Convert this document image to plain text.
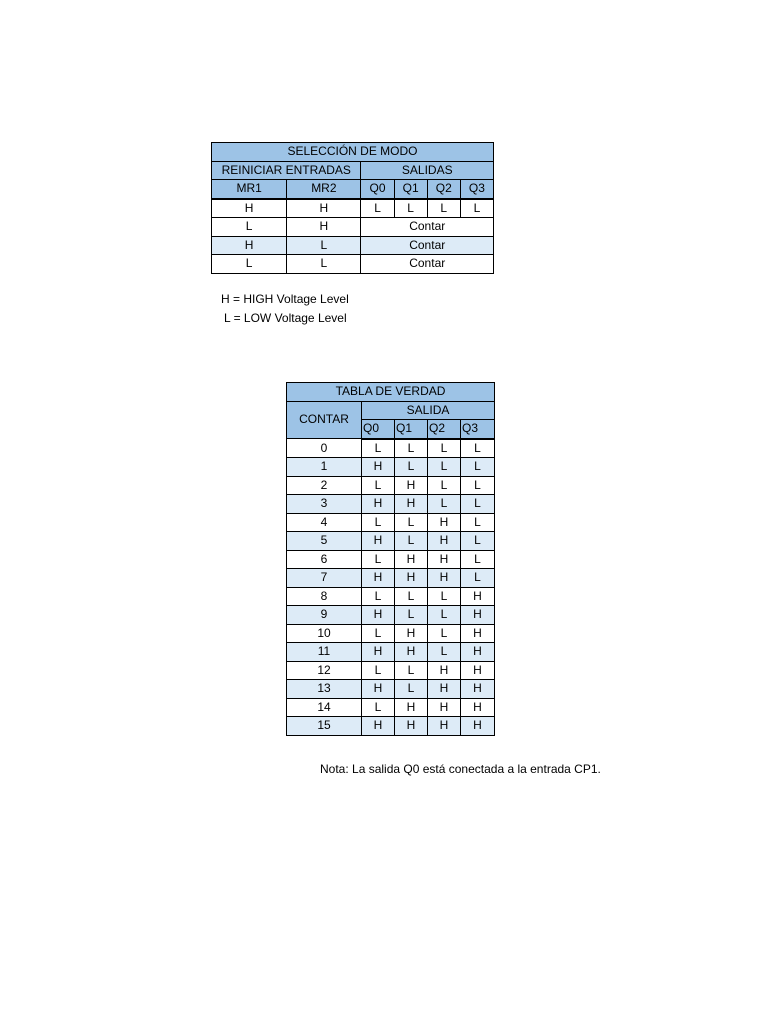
SELECCIÓN DE MODO					
REINICIAR ENTRADAS		SALIDAS			
MR1	MR2	Q0	Q1	Q2	Q3
H	H	L	L	L	L
L	H	Contar			
H	L	Contar			
L	L	Contar			
H = HIGH Voltage Level
L = LOW Voltage Level
TABLA DE VERDAD				
CONTAR	SALIDA			
	Q0	Q1	Q2	Q3
0	L	L	L	L
1	H	L	L	L
2	L	H	L	L
3	H	H	L	L
4	L	L	H	L
5	H	L	H	L
6	L	H	H	L
7	H	H	H	L
8	L	L	L	H
9	H	L	L	H
10	L	H	L	H
11	H	H	L	H
12	L	L	H	H
13	H	L	H	H
14	L	H	H	H
15	H	H	H	H
Nota: La salida Q0 está conectada a la entrada CP1.
